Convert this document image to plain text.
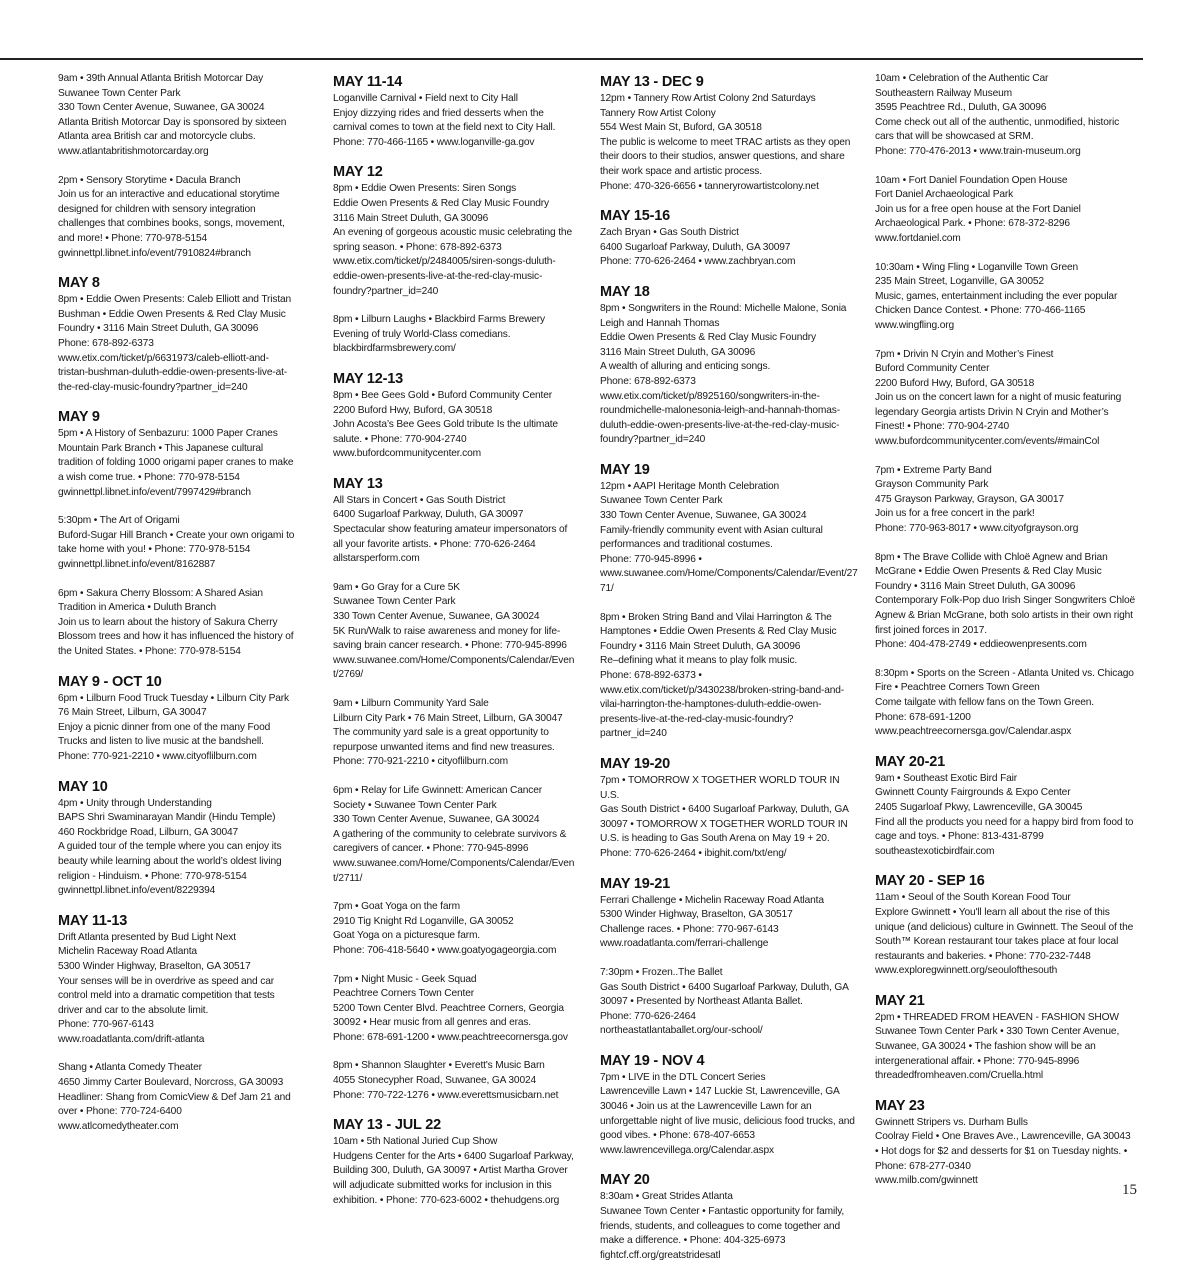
9am • 39th Annual Atlanta British Motorcar Day
Suwanee Town Center Park
330 Town Center Avenue, Suwanee, GA 30024
Atlanta British Motorcar Day is sponsored by sixteen Atlanta area British car and motorcycle clubs.
www.atlantabritishmotorcarday.org
2pm • Sensory Storytime • Dacula Branch
Join us for an interactive and educational storytime designed for children with sensory integration challenges that combines books, songs, movement, and more! • Phone: 770-978-5154
gwinnettpl.libnet.info/event/7910824#branch
MAY 8
8pm • Eddie Owen Presents: Caleb Elliott and Tristan Bushman • Eddie Owen Presents & Red Clay Music Foundry • 3116 Main Street Duluth, GA 30096
Phone: 678-892-6373
www.etix.com/ticket/p/6631973/caleb-elliott-and-tristan-bushman-duluth-eddie-owen-presents-live-at-the-red-clay-music-foundry?partner_id=240
MAY 9
5pm • A History of Senbazuru: 1000 Paper Cranes Mountain Park Branch • This Japanese cultural tradition of folding 1000 origami paper cranes to make a wish come true. • Phone: 770-978-5154
gwinnettpl.libnet.info/event/7997429#branch
5:30pm • The Art of Origami
Buford-Sugar Hill Branch • Create your own origami to take home with you! • Phone: 770-978-5154
gwinnettpl.libnet.info/event/8162887
6pm • Sakura Cherry Blossom: A Shared Asian Tradition in America • Duluth Branch
Join us to learn about the history of Sakura Cherry Blossom trees and how it has influenced the history of the United States. • Phone: 770-978-5154
MAY 9 - OCT 10
6pm • Lilburn Food Truck Tuesday • Lilburn City Park
76 Main Street, Lilburn, GA 30047
Enjoy a picnic dinner from one of the many Food Trucks and listen to live music at the bandshell.
Phone: 770-921-2210 • www.cityoflilburn.com
MAY 10
4pm • Unity through Understanding
BAPS Shri Swaminarayan Mandir (Hindu Temple)
460 Rockbridge Road, Lilburn, GA 30047
A guided tour of the temple where you can enjoy its beauty while learning about the world’s oldest living religion - Hinduism. • Phone: 770-978-5154
gwinnettpl.libnet.info/event/8229394
MAY 11-13
Drift Atlanta presented by Bud Light Next
Michelin Raceway Road Atlanta
5300 Winder Highway, Braselton, GA 30517
Your senses will be in overdrive as speed and car control meld into a dramatic competition that tests driver and car to the absolute limit.
Phone: 770-967-6143
www.roadatlanta.com/drift-atlanta
Shang • Atlanta Comedy Theater
4650 Jimmy Carter Boulevard, Norcross, GA 30093
Headliner: Shang from ComicView & Def Jam 21 and over • Phone: 770-724-6400
www.atlcomedytheater.com
MAY 11-14
Loganville Carnival • Field next to City Hall
Enjoy dizzying rides and fried desserts when the carnival comes to town at the field next to City Hall.
Phone: 770-466-1165 • www.loganville-ga.gov
MAY 12
8pm • Eddie Owen Presents: Siren Songs
Eddie Owen Presents & Red Clay Music Foundry
3116 Main Street Duluth, GA 30096
An evening of gorgeous acoustic music celebrating the spring season. • Phone: 678-892-6373
www.etix.com/ticket/p/2484005/siren-songs-duluth-eddie-owen-presents-live-at-the-red-clay-music-foundry?partner_id=240
8pm • Lilburn Laughs • Blackbird Farms Brewery
Evening of truly World-Class comedians.
blackbirdfarmsbrewery.com/
MAY 12-13
8pm • Bee Gees Gold • Buford Community Center
2200 Buford Hwy, Buford, GA 30518
John Acosta’s Bee Gees Gold tribute Is the ultimate salute. • Phone: 770-904-2740
www.bufordcommunitycenter.com
MAY 13
All Stars in Concert • Gas South District
6400 Sugarloaf Parkway, Duluth, GA 30097
Spectacular show featuring amateur impersonators of all your favorite artists. • Phone: 770-626-2464
allstarsperform.com
9am • Go Gray for a Cure 5K
Suwanee Town Center Park
330 Town Center Avenue, Suwanee, GA 30024
5K Run/Walk to raise awareness and money for life-saving brain cancer research. • Phone: 770-945-8996
www.suwanee.com/Home/Components/Calendar/Event/2769/
9am • Lilburn Community Yard Sale
Lilburn City Park • 76 Main Street, Lilburn, GA 30047
The community yard sale is a great opportunity to repurpose unwanted items and find new treasures.
Phone: 770-921-2210 • cityoflilburn.com
6pm • Relay for Life Gwinnett: American Cancer Society • Suwanee Town Center Park
330 Town Center Avenue, Suwanee, GA 30024
A gathering of the community to celebrate survivors & caregivers of cancer. • Phone: 770-945-8996
www.suwanee.com/Home/Components/Calendar/Event/2711/
7pm • Goat Yoga on the farm
2910 Tig Knight Rd Loganville, GA 30052
Goat Yoga on a picturesque farm.
Phone: 706-418-5640 • www.goatyogageorgia.com
7pm • Night Music - Geek Squad
Peachtree Corners Town Center
5200 Town Center Blvd. Peachtree Corners, Georgia 30092 • Hear music from all genres and eras.
Phone: 678-691-1200 • www.peachtreecornersga.gov
8pm • Shannon Slaughter • Everett's Music Barn
4055 Stonecypher Road, Suwanee, GA 30024
Phone: 770-722-1276 • www.everettsmusicbarn.net
MAY 13 - JUL 22
10am • 5th National Juried Cup Show
Hudgens Center for the Arts • 6400 Sugarloaf Parkway, Building 300, Duluth, GA 30097 • Artist Martha Grover will adjudicate submitted works for inclusion in this exhibition. • Phone: 770-623-6002 • thehudgens.org
MAY 13 - DEC 9
12pm • Tannery Row Artist Colony 2nd Saturdays
Tannery Row Artist Colony
554 West Main St, Buford, GA 30518
The public is welcome to meet TRAC artists as they open their doors to their studios, answer questions, and share their work space and artistic process.
Phone: 470-326-6656 • tanneryrowartistcolony.net
MAY 15-16
Zach Bryan • Gas South District
6400 Sugarloaf Parkway, Duluth, GA 30097
Phone: 770-626-2464 • www.zachbryan.com
MAY 18
8pm • Songwriters in the Round: Michelle Malone, Sonia Leigh and Hannah Thomas
Eddie Owen Presents & Red Clay Music Foundry
3116 Main Street Duluth, GA 30096
A wealth of alluring and enticing songs.
Phone: 678-892-6373
www.etix.com/ticket/p/8925160/songwriters-in-the-roundmichelle-malonesonia-leigh-and-hannah-thomas-duluth-eddie-owen-presents-live-at-the-red-clay-music-foundry?partner_id=240
MAY 19
12pm • AAPI Heritage Month Celebration
Suwanee Town Center Park
330 Town Center Avenue, Suwanee, GA 30024
Family-friendly community event with Asian cultural performances and traditional costumes.
Phone: 770-945-8996 • www.suwanee.com/Home/Components/Calendar/Event/2771/
8pm • Broken String Band and Vilai Harrington & The Hamptones • Eddie Owen Presents & Red Clay Music Foundry • 3116 Main Street Duluth, GA 30096
Re–defining what it means to play folk music.
Phone: 678-892-6373 • www.etix.com/ticket/p/3430238/broken-string-band-and-vilai-harrington-the-hamptones-duluth-eddie-owen-presents-live-at-the-red-clay-music-foundry?partner_id=240
MAY 19-20
7pm • TOMORROW X TOGETHER WORLD TOUR IN U.S.
Gas South District • 6400 Sugarloaf Parkway, Duluth, GA 30097 • TOMORROW X TOGETHER WORLD TOUR IN U.S. is heading to Gas South Arena on May 19 + 20.
Phone: 770-626-2464 • ibighit.com/txt/eng/
MAY 19-21
Ferrari Challenge • Michelin Raceway Road Atlanta
5300 Winder Highway, Braselton, GA 30517
Challenge races. • Phone: 770-967-6143
www.roadatlanta.com/ferrari-challenge
7:30pm • Frozen..The Ballet
Gas South District • 6400 Sugarloaf Parkway, Duluth, GA 30097 • Presented by Northeast Atlanta Ballet.
Phone: 770-626-2464
northeastatlantaballet.org/our-school/
MAY 19 - NOV 4
7pm • LIVE in the DTL Concert Series
Lawrenceville Lawn • 147 Luckie St, Lawrenceville, GA 30046 • Join us at the Lawrenceville Lawn for an unforgettable night of live music, delicious food trucks, and good vibes. • Phone: 678-407-6653
www.lawrencevillega.org/Calendar.aspx
MAY 20
8:30am • Great Strides Atlanta
Suwanee Town Center • Fantastic opportunity for family, friends, students, and colleagues to come together and make a difference. • Phone: 404-325-6973
fightcf.cff.org/greatstridesatl
10am • Celebration of the Authentic Car
Southeastern Railway Museum
3595 Peachtree Rd., Duluth, GA 30096
Come check out all of the authentic, unmodified, historic cars that will be showcased at SRM.
Phone: 770-476-2013 • www.train-museum.org
10am • Fort Daniel Foundation Open House
Fort Daniel Archaeological Park
Join us for a free open house at the Fort Daniel Archaeological Park. • Phone: 678-372-8296
www.fortdaniel.com
10:30am • Wing Fling • Loganville Town Green
235 Main Street, Loganville, GA 30052
Music, games, entertainment including the ever popular Chicken Dance Contest. • Phone: 770-466-1165
www.wingfling.org
7pm • Drivin N Cryin and Mother’s Finest
Buford Community Center
2200 Buford Hwy, Buford, GA 30518
Join us on the concert lawn for a night of music featuring legendary Georgia artists Drivin N Cryin and Mother’s Finest! • Phone: 770-904-2740
www.bufordcommunitycenter.com/events/#mainCol
7pm • Extreme Party Band
Grayson Community Park
475 Grayson Parkway, Grayson, GA 30017
Join us for a free concert in the park!
Phone: 770-963-8017 • www.cityofgrayson.org
8pm • The Brave Collide with Chloë Agnew and Brian McGrane • Eddie Owen Presents & Red Clay Music Foundry • 3116 Main Street Duluth, GA 30096
Contemporary Folk-Pop duo Irish Singer Songwriters Chloë Agnew & Brian McGrane, both solo artists in their own right first joined forces in 2017.
Phone: 404-478-2749 • eddieowenpresents.com
8:30pm • Sports on the Screen - Atlanta United vs. Chicago Fire • Peachtree Corners Town Green
Come tailgate with fellow fans on the Town Green.
Phone: 678-691-1200
www.peachtreecornersga.gov/Calendar.aspx
MAY 20-21
9am • Southeast Exotic Bird Fair
Gwinnett County Fairgrounds & Expo Center
2405 Sugarloaf Pkwy, Lawrenceville, GA 30045
Find all the products you need for a happy bird from food to cage and toys. • Phone: 813-431-8799
southeastexoticbirdfair.com
MAY 20 - SEP 16
11am • Seoul of the South Korean Food Tour
Explore Gwinnett • You'll learn all about the rise of this unique (and delicious) culture in Gwinnett. The Seoul of the South™ Korean restaurant tour takes place at four local restaurants and bakeries. • Phone: 770-232-7448
www.exploregwinnett.org/seoulofthesouth
MAY 21
2pm • THREADED FROM HEAVEN - FASHION SHOW
Suwanee Town Center Park • 330 Town Center Avenue, Suwanee, GA 30024 • The fashion show will be an intergenerational affair. • Phone: 770-945-8996
threadedfromheaven.com/Cruella.html
MAY 23
Gwinnett Stripers vs. Durham Bulls
Coolray Field • One Braves Ave., Lawrenceville, GA 30043 • Hot dogs for $2 and desserts for $1 on Tuesday nights. • Phone: 678-277-0340
www.milb.com/gwinnett
15
